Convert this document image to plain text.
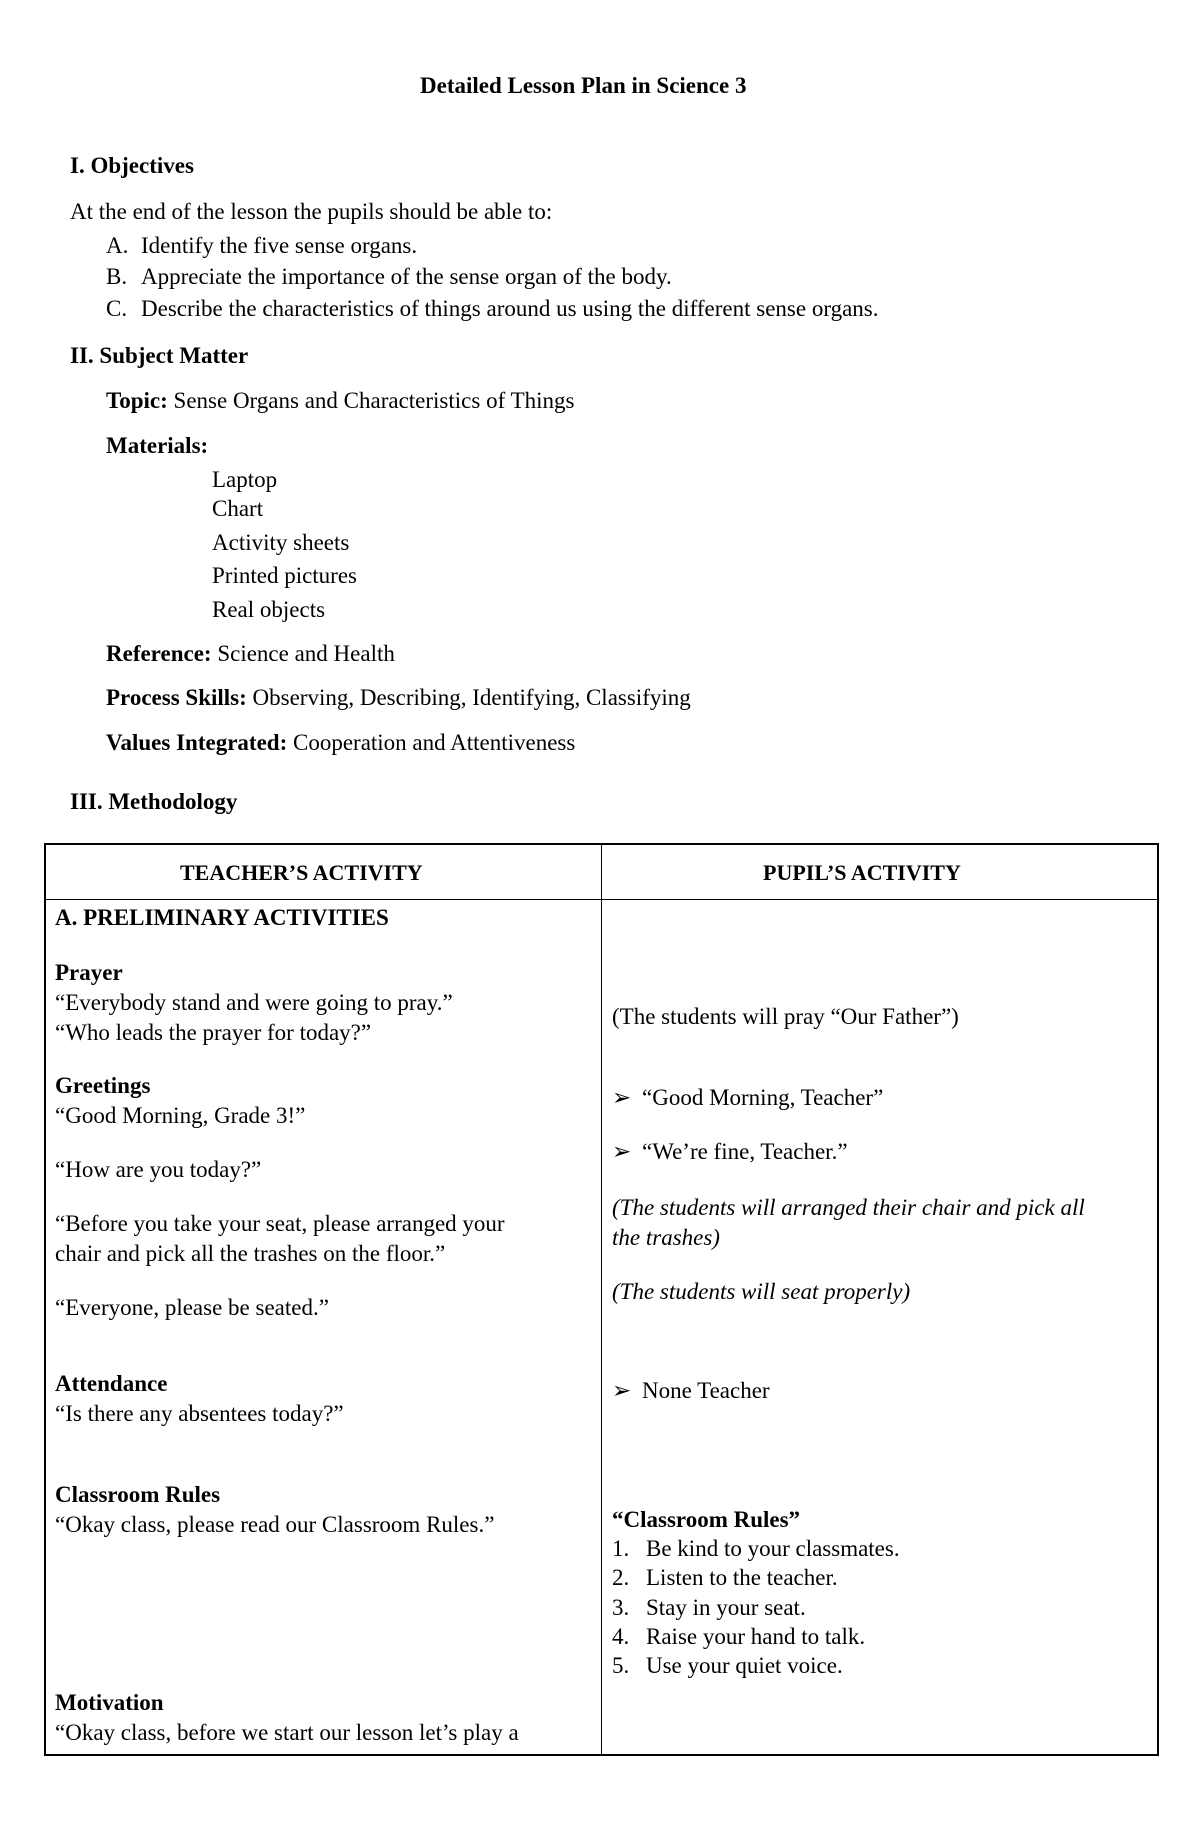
Detailed Lesson Plan in Science 3
I. Objectives
At the end of the lesson the pupils should be able to:
A. Identify the five sense organs.
B. Appreciate the importance of the sense organ of the body.
C. Describe the characteristics of things around us using the different sense organs.
II. Subject Matter
Topic: Sense Organs and Characteristics of Things
Materials:
Laptop
Chart
Activity sheets
Printed pictures
Real objects
Reference: Science and Health
Process Skills: Observing, Describing, Identifying, Classifying
Values Integrated: Cooperation and Attentiveness
III. Methodology
TEACHER’S ACTIVITY	PUPIL’S ACTIVITY
A. PRELIMINARY ACTIVITIES
Prayer
“Everybody stand and were going to pray.”
“Who leads the prayer for today?”
Greetings
“Good Morning, Grade 3!”
“How are you today?”
“Before you take your seat, please arranged your
chair and pick all the trashes on the floor.”
“Everyone, please be seated.”
Attendance
“Is there any absentees today?”
Classroom Rules
“Okay class, please read our Classroom Rules.”
Motivation
“Okay class, before we start our lesson let’s play a
(The students will pray “Our Father”)
➢ “Good Morning, Teacher”
➢ “We’re fine, Teacher.”
(The students will arranged their chair and pick all
the trashes)
(The students will seat properly)
➢ None Teacher
“Classroom Rules”
1. Be kind to your classmates.
2. Listen to the teacher.
3. Stay in your seat.
4. Raise your hand to talk.
5. Use your quiet voice.
